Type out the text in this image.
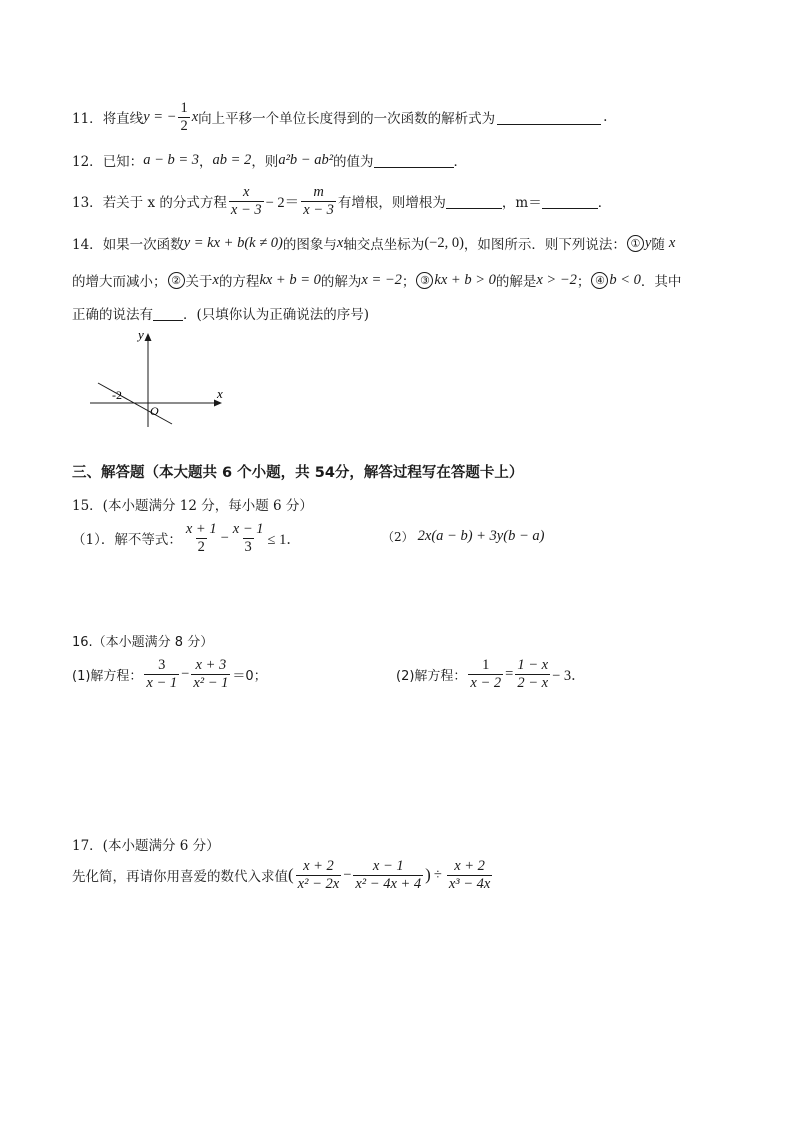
11． 将直线 y = − $\frac{1}{2}$ x 向上平移一个单位长度得到的一次函数的解析式为	.
12． 已知： a − b = 3 ， ab = 2 ，则 a²b − ab² 的值为	．
13． 若关于 x 的分式方程 $\frac{x}{x - 3} - 2= \frac{m}{x - 3}$ 有增根，则增根为	，m＝	．
14． 如果一次函数 y = kx + b(k ≠ 0) 的图象与 x 轴交点坐标为 (−2, 0) ，如图所示．则下列说法： ① y 随 x
的增大而减小； ② 关于 x 的方程 kx + b = 0 的解为 x = −2 ； ③ kx + b > 0 的解是 x > −2 ； ④ b < 0 ．其中
正确的说法有 ．(只填你认为正确说法的序号)
y
x
O
-2
三、解答题（本大题共 6 个小题，共 54分，解答过程写在答题卡上）
15．(本小题满分 12 分，每小题 6 分）
（1）．解不等式： $\frac{x + 1}{2} - \frac{x - 1}{3} \le 1$．	（2） 2x(a − b) + 3y(b − a)
16.（本小题满分 8 分）
(1)解方程： $\frac{3}{x - 1} - \frac{x + 3}{\text{x² − 1}} =0$；	(2)解方程： $\frac{1}{x - 2} = \frac{1 - x}{2 - x} - 3$．
17．(本小题满分 6 分）
先化简，再请你用喜爱的数代入求值 ( $\frac{x + 2}{\text{x² − 2x}} - \frac{x - 1}{\text{x² − 4x + 4}}$ ) ÷ $\frac{x + 2}{\text{x³ − 4x}}$
